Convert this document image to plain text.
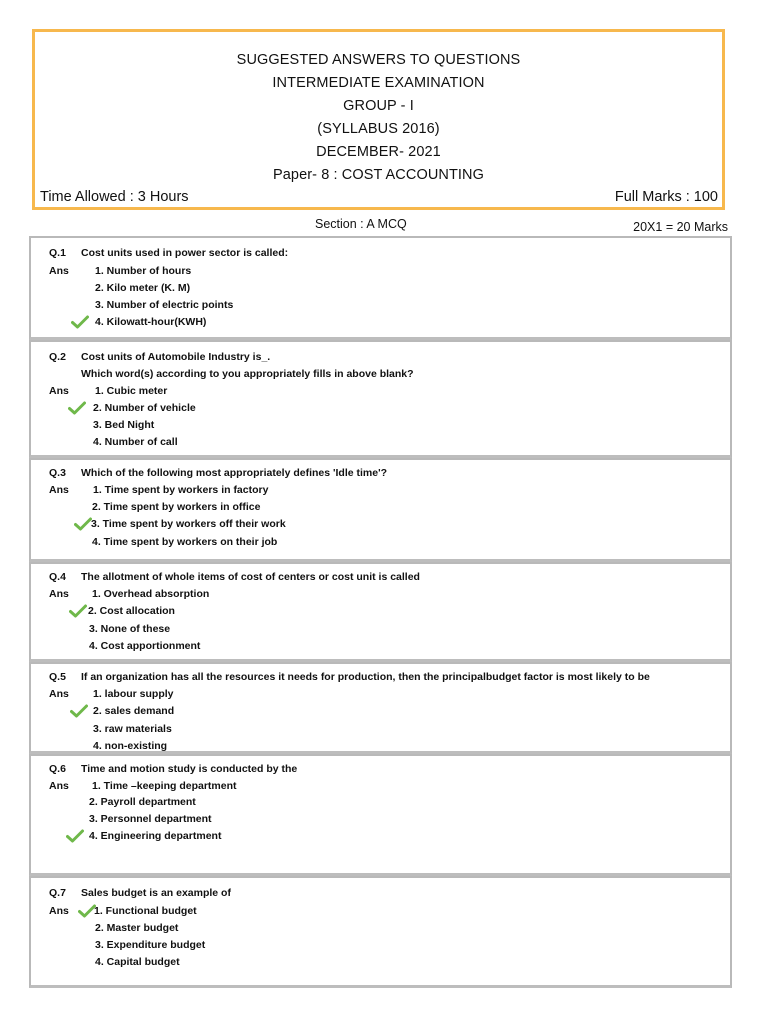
SUGGESTED ANSWERS TO QUESTIONS
INTERMEDIATE EXAMINATION
GROUP - I
(SYLLABUS 2016)
DECEMBER- 2021
Paper- 8 : COST ACCOUNTING
Time Allowed : 3 Hours	Full Marks : 100
Section : A MCQ	20X1 = 20 Marks
Q.1 Cost units used in power sector is called:
Ans 1. Number of hours
2. Kilo meter (K. M)
3. Number of electric points
4. Kilowatt-hour(KWH)
Q.2 Cost units of Automobile Industry is_.
Which word(s) according to you appropriately fills in above blank?
Ans 1. Cubic meter
2. Number of vehicle
3. Bed Night
4. Number of call
Q.3 Which of the following most appropriately defines 'Idle time'?
Ans 1. Time spent by workers in factory
2. Time spent by workers in office
3. Time spent by workers off their work
4. Time spent by workers on their job
Q.4 The allotment of whole items of cost of centers or cost unit is called
Ans 1. Overhead absorption
2. Cost allocation
3. None of these
4. Cost apportionment
Q.5 If an organization has all the resources it needs for production, then the principalbudget factor is most likely to be
Ans 1. labour supply
2. sales demand
3. raw materials
4. non-existing
Q.6 Time and motion study is conducted by the
Ans 1. Time –keeping department
2. Payroll department
3. Personnel department
4. Engineering department
Q.7 Sales budget is an example of
Ans 1. Functional budget
2. Master budget
3. Expenditure budget
4. Capital budget
